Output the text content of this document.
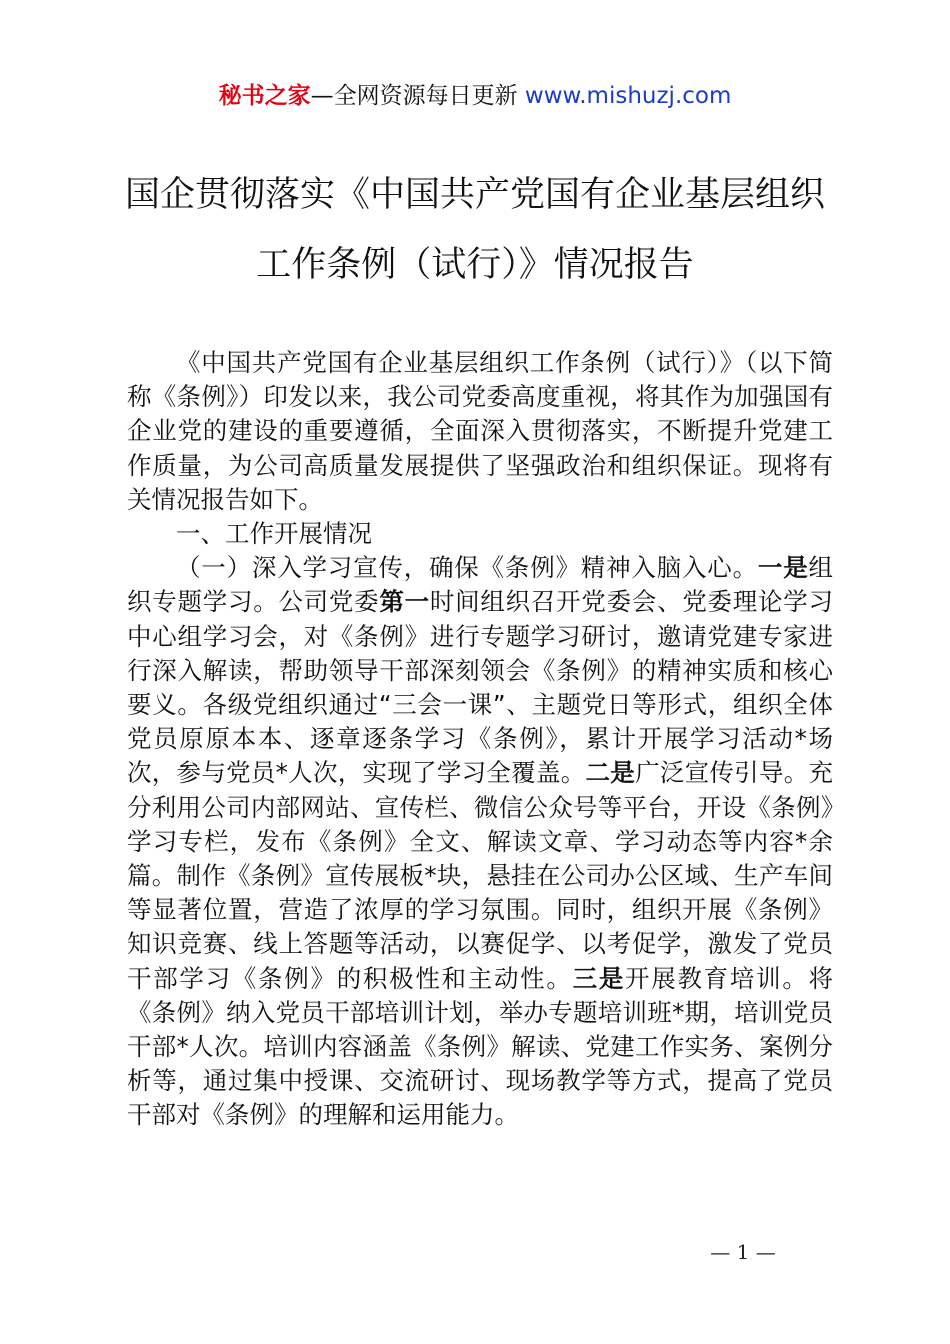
秘书之家—全网资源每日更新 www.mishuzj.com
国企贯彻落实《中国共产党国有企业基层组织
工作条例（试行）》情况报告

《中国共产党国有企业基层组织工作条例（试行）》（以下简称《条例》）印发以来，我公司党委高度重视，将其作为加强国有企业党的建设的重要遵循，全面深入贯彻落实，不断提升党建工作质量，为公司高质量发展提供了坚强政治和组织保证。现将有关情况报告如下。

一、工作开展情况

（一）深入学习宣传，确保《条例》精神入脑入心。一是组织专题学习。公司党委第一时间组织召开党委会、党委理论学习中心组学习会，对《条例》进行专题学习研讨，邀请党建专家进行深入解读，帮助领导干部深刻领会《条例》的精神实质和核心要义。各级党组织通过“三会一课”、主题党日等形式，组织全体党员原原本本、逐章逐条学习《条例》，累计开展学习活动*场次，参与党员*人次，实现了学习全覆盖。二是广泛宣传引导。充分利用公司内部网站、宣传栏、微信公众号等平台，开设《条例》学习专栏，发布《条例》全文、解读文章、学习动态等内容*余篇。制作《条例》宣传展板*块，悬挂在公司办公区域、生产车间等显著位置，营造了浓厚的学习氛围。同时，组织开展《条例》知识竞赛、线上答题等活动，以赛促学、以考促学，激发了党员干部学习《条例》的积极性和主动性。三是开展教育培训。将《条例》纳入党员干部培训计划，举办专题培训班*期，培训党员干部*人次。培训内容涵盖《条例》解读、党建工作实务、案例分析等，通过集中授课、交流研讨、现场教学等方式，提高了党员干部对《条例》的理解和运用能力。

— 1 —
